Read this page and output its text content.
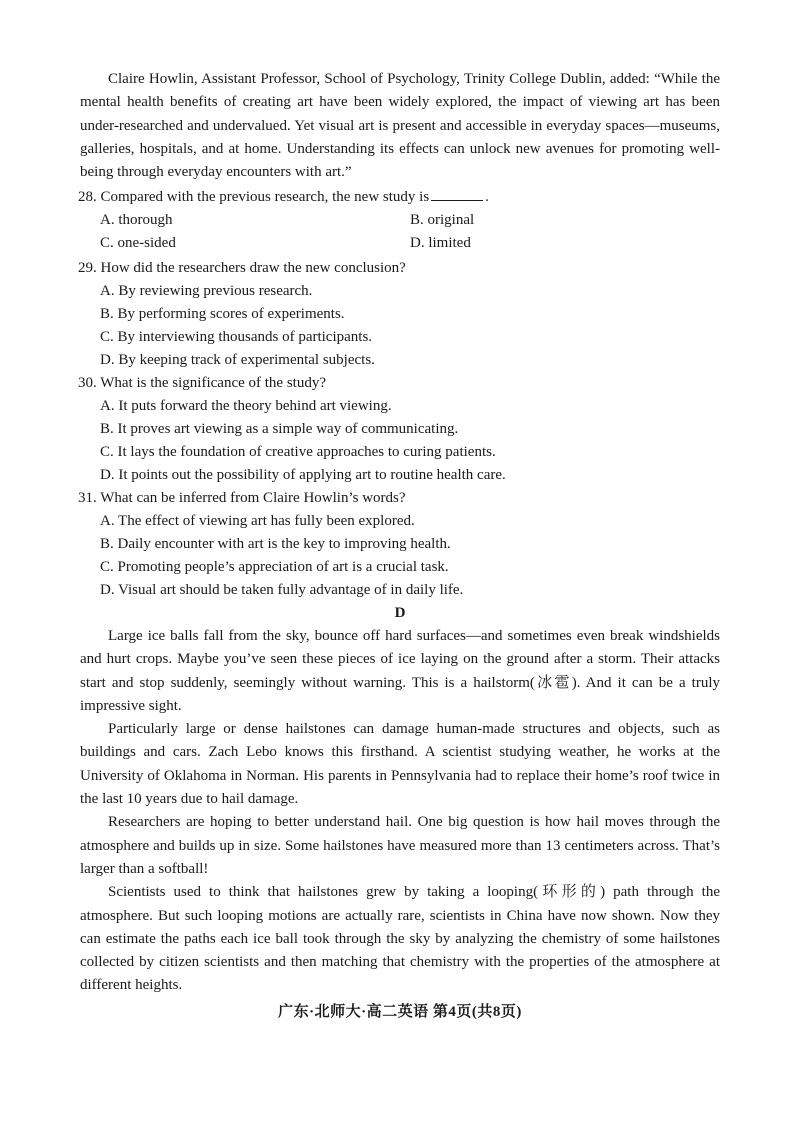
Claire Howlin, Assistant Professor, School of Psychology, Trinity College Dublin, added: “While the mental health benefits of creating art have been widely explored, the impact of viewing art has been under-researched and undervalued. Yet visual art is present and accessible in everyday spaces—museums, galleries, hospitals, and at home. Understanding its effects can unlock new avenues for promoting well-being through everyday encounters with art.”

28. Compared with the previous research, the new study is	.

A. thorough	B. original
C. one-sided	D. limited

29. How did the researchers draw the new conclusion?

A. By reviewing previous research.

B. By performing scores of experiments.

C. By interviewing thousands of participants.

D. By keeping track of experimental subjects.

30. What is the significance of the study?

A. It puts forward the theory behind art viewing.

B. It proves art viewing as a simple way of communicating.

C. It lays the foundation of creative approaches to curing patients.

D. It points out the possibility of applying art to routine health care.

31. What can be inferred from Claire Howlin’s words?

A. The effect of viewing art has fully been explored.

B. Daily encounter with art is the key to improving health.

C. Promoting people’s appreciation of art is a crucial task.

D. Visual art should be taken fully advantage of in daily life.

D

Large ice balls fall from the sky, bounce off hard surfaces—and sometimes even break windshields and hurt crops. Maybe you’ve seen these pieces of ice laying on the ground after a storm. Their attacks start and stop suddenly, seemingly without warning. This is a hailstorm(冰雹). And it can be a truly impressive sight.

Particularly large or dense hailstones can damage human-made structures and objects, such as buildings and cars. Zach Lebo knows this firsthand. A scientist studying weather, he works at the University of Oklahoma in Norman. His parents in Pennsylvania had to replace their home’s roof twice in the last 10 years due to hail damage.

Researchers are hoping to better understand hail. One big question is how hail moves through the atmosphere and builds up in size. Some hailstones have measured more than 13 centimeters across. That’s larger than a softball!

Scientists used to think that hailstones grew by taking a looping(环形的) path through the atmosphere. But such looping motions are actually rare, scientists in China have now shown. Now they can estimate the paths each ice ball took through the sky by analyzing the chemistry of some hailstones collected by citizen scientists and then matching that chemistry with the properties of the atmosphere at different heights.

广东·北师大·高二英语 第4页(共8页)
